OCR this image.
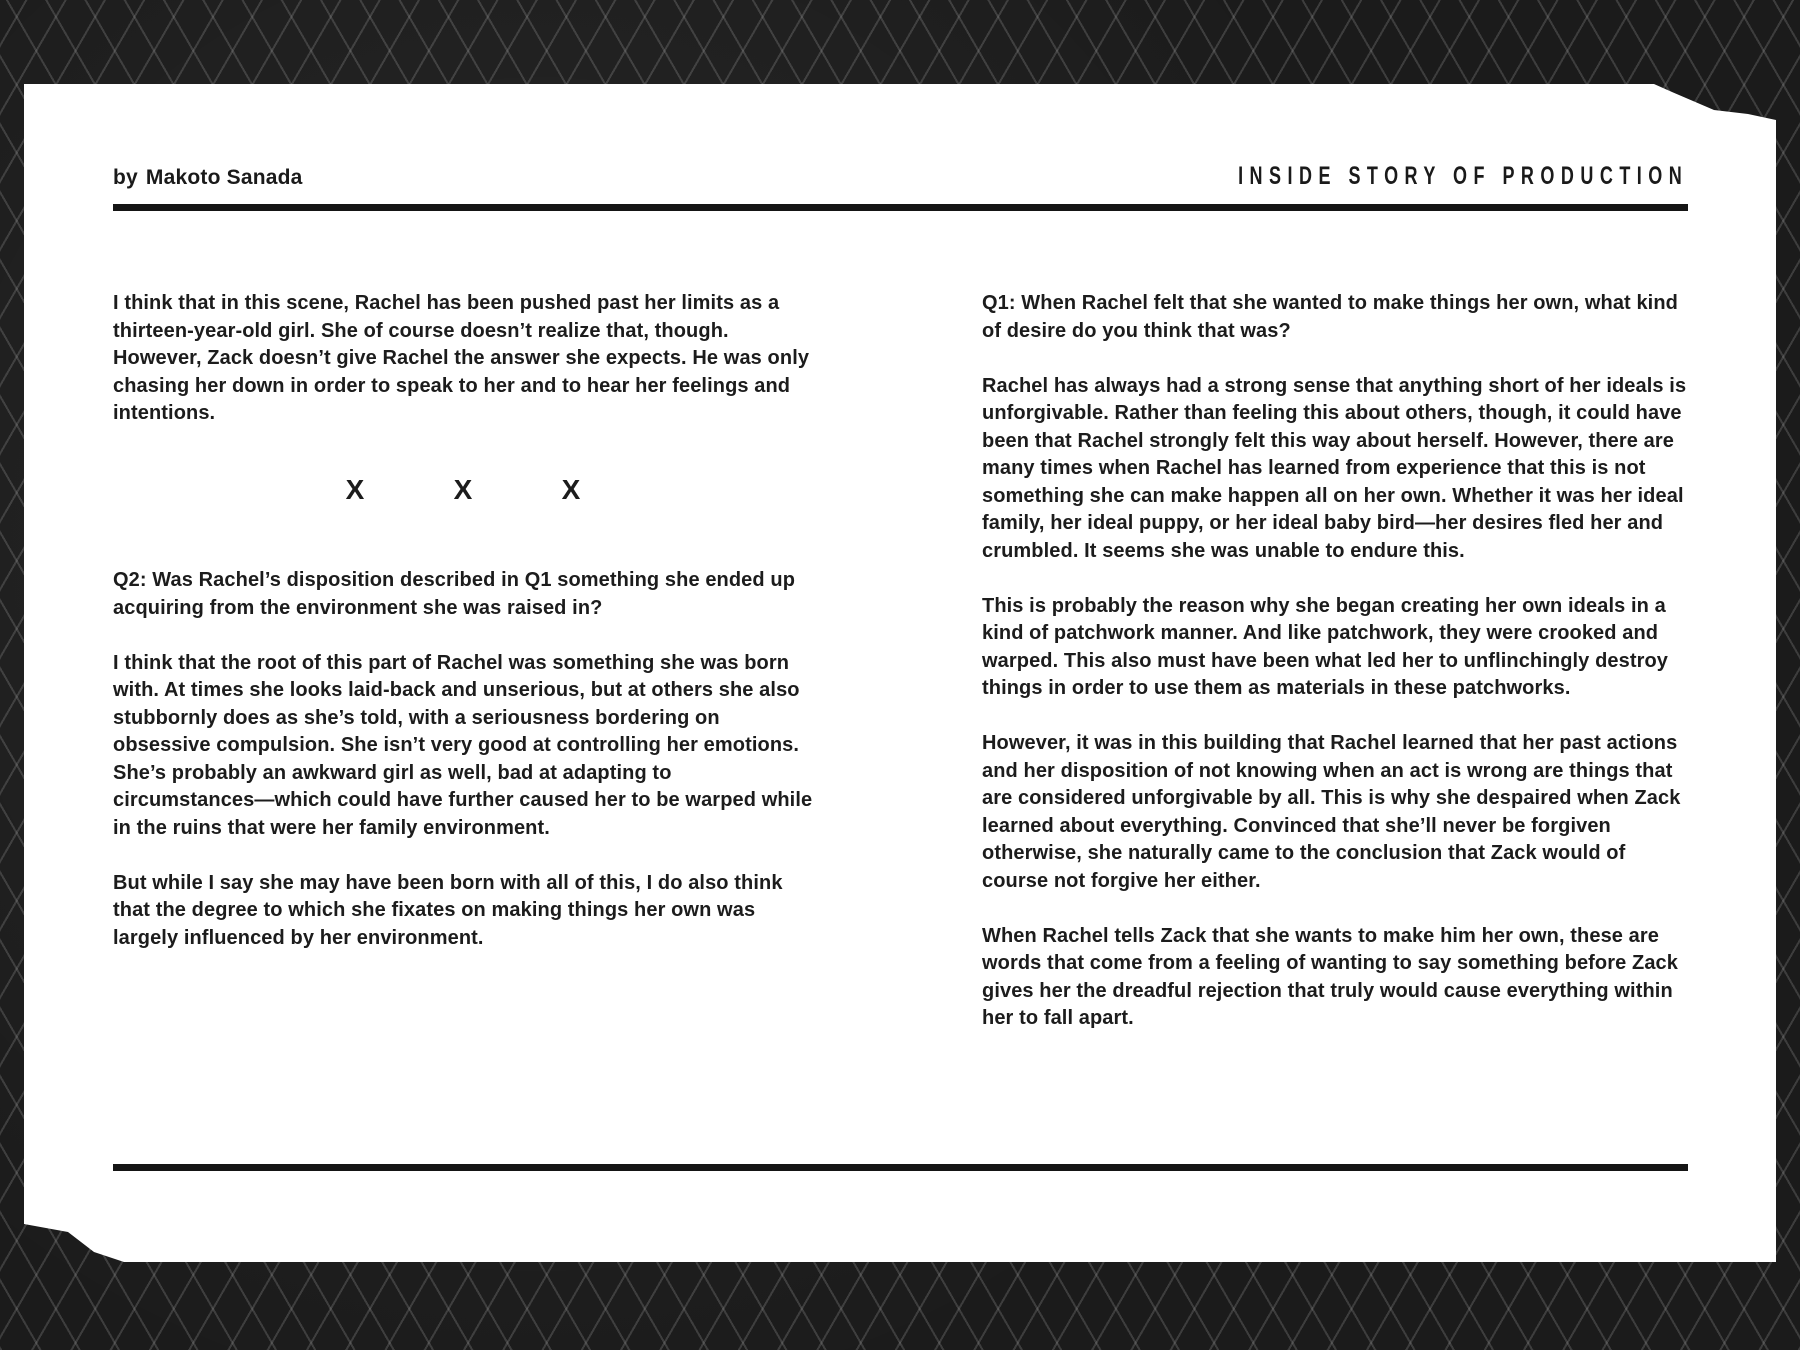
by Makoto Sanada	INSIDE STORY OF PRODUCTION

I think that in this scene, Rachel has been pushed past her limits as a thirteen-year-old girl. She of course doesn’t realize that, though. However, Zack doesn’t give Rachel the answer she expects. He was only chasing her down in order to speak to her and to hear her feelings and intentions.

X	X	X

Q2: Was Rachel’s disposition described in Q1 something she ended up acquiring from the environment she was raised in?

I think that the root of this part of Rachel was something she was born with. At times she looks laid-back and unserious, but at others she also stubbornly does as she’s told, with a seriousness bordering on obsessive compulsion. She isn’t very good at controlling her emotions. She’s probably an awkward girl as well, bad at adapting to circumstances—which could have further caused her to be warped while in the ruins that were her family environment.

But while I say she may have been born with all of this, I do also think that the degree to which she fixates on making things her own was largely influenced by her environment.

Q1: When Rachel felt that she wanted to make things her own, what kind of desire do you think that was?

Rachel has always had a strong sense that anything short of her ideals is unforgivable. Rather than feeling this about others, though, it could have been that Rachel strongly felt this way about herself. However, there are many times when Rachel has learned from experience that this is not something she can make happen all on her own. Whether it was her ideal family, her ideal puppy, or her ideal baby bird—her desires fled her and crumbled. It seems she was unable to endure this.

This is probably the reason why she began creating her own ideals in a kind of patchwork manner. And like patchwork, they were crooked and warped. This also must have been what led her to unflinchingly destroy things in order to use them as materials in these patchworks.

However, it was in this building that Rachel learned that her past actions and her disposition of not knowing when an act is wrong are things that are considered unforgivable by all. This is why she despaired when Zack learned about everything. Convinced that she’ll never be forgiven otherwise, she naturally came to the conclusion that Zack would of course not forgive her either.

When Rachel tells Zack that she wants to make him her own, these are words that come from a feeling of wanting to say something before Zack gives her the dreadful rejection that truly would cause everything within her to fall apart.
